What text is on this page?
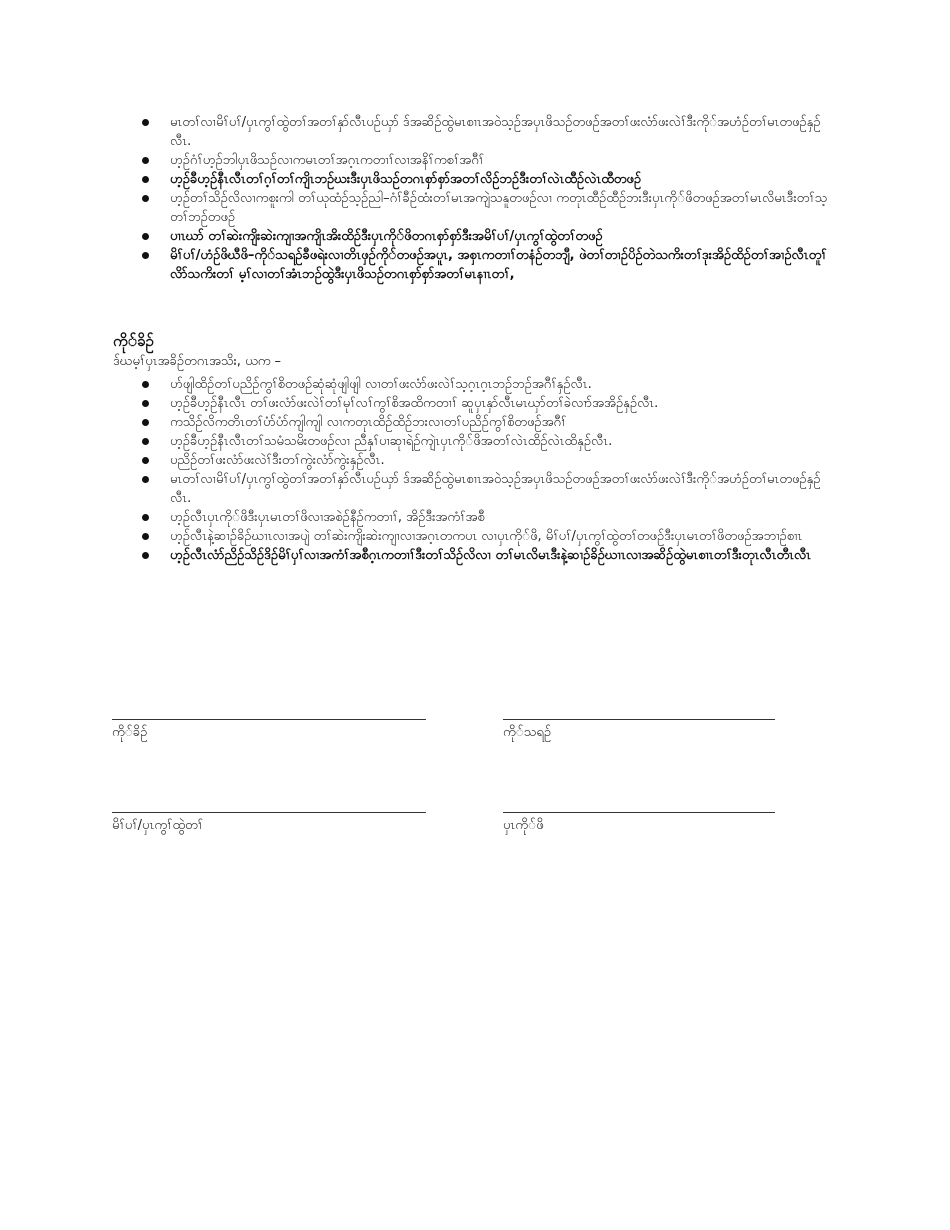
မၤတၢ်လၢမိၢ်ပၢ်/ပှၤကွၢ်ထွဲတၢ်အတၢ်နှာ်လီၤပဉ်ယှာ် ဒ်အဆိဉ်ထွဲမၤစၢၤအဝဲသ့ဉ်အပှၤဖိသဉ်တဖဉ်အတၢ်ဖးလံာ်ဖးလဲၢ်ဒီးကို်အဟံဉ်တၢ်မၤတဖဉ်နှဉ်လီၤ.
ဟ့ဉ်ဂံၢ်ဟ့ဉ်ဘါပှၤဖိသဉ်လၢကမၤတၢ်အဂ့ၤကတၢၢ်လၢအနိၢ်ကစၢ်အဂီၢ်
ဟ့ဉ်ခီဟ့ဉ်နီၤလီၤတၢ်ဂ့ၢ်တၢ်ကျိၤဘဉ်ဃးဒီးပှၤဖိသဉ်တဂၤစှာ်စှာ်အတၢ်လိဉ်ဘဉ်ဒီးတၢ်လဲၤထီဉ်လဲၤထီတဖဉ်
ဟ့ဉ်တၢ်သိဉ်လိလၢကစူးကါ တၢ်ယုထံဉ်သ့ဉ်ညါ–ဂံၢ်ခီဉ်ထံးတၢ်မၤအကျဲသနူတဖဉ်လၢ ကတုၤထီဉ်ထီဉ်ဘးဒီးပှၤကို်ဖိတဖဉ်အတၢ်မၤလိမၤဒီးတၢ်သ့တၢ်ဘဉ်တဖဉ်
ပၢၤဃာ် တၢ်ဆဲးကျိးဆဲးကျၢအကျိၤအိးထိဉ်ဒီးပှၤကို်ဖိတဂၤစှာ်စှာ်ဒီးအမိၢ်ပၢ်/ပှၤကွၢ်ထွဲတၢ်တဖဉ်
မိၢ်ပၢ်/ဟံဉ်ဖိဃီဖိ–ကို်သရဉ်ခီဖရဲးလၢတိၤဖှဉ်ကို်တဖဉ်အပူၤ, အစှၤကတၢၢ်တနံဉ်တဘျီ, ဖဲတၢ်တၢဉ်ပိဉ်တဲသကိးတၢ်ဒုးအိဉ်ထိဉ်တၢ်အၢဉ်လီၤတူၢ်လိာ်သကိးတၢ် မ့ၢ်လၢတၢ်အံၤဘဉ်ထွဲဒီးပှၤဖိသဉ်တဂၤစှာ်စှာ်အတၢ်မၤနၢၤတၢ်,
ကို်ခိဉ်
ဒ်ဃမ့ၢ်ပှၤအခိဉ်တဂၤအသိး, ယက –
ဟ်ဖျါထိဉ်တၢ်ပညိဉ်ကွၢ်စိတဖဉ်ဆုံဆုံဖျါဖျါ လၢတၢ်ဖးလံာ်ဖးလဲၢ်သ့ဂ့ၤဂ့ၤဘဉ်ဘဉ်အဂီၢ်နှဉ်လီၤ.
ဟ့ဉ်ခီဟ့ဉ်နီၤလီၤ တၢ်ဖးလံာ်ဖးလဲၢ်တၢ်မုၢ်လၢ်ကွၢ်စိအထိကတၢၢ် ဆူပှၤနှာ်လီၤမၤဃှာ်တၢ်ခဲလၢာ်အအိဉ်နှဉ်လီၤ.
ကသိဉ်လိကတိၤတၢ်ပံာ်ပံာ်ကျါကျါ လၢကတုၤထိဉ်ထိဉ်ဘးလၢတၢ်ပညိဉ်ကွၢ်စိတဖဉ်အဂီၢ်
ဟ့ဉ်ခီဟ့ဉ်နီၤလီၤတၢ်သမံသမိးတဖဉ်လၢ ညီနှၢ်ပၢဆုၢရဲဉ်ကျဲၤပှၤကို်ဖိအတၢ်လဲၤထိဉ်လဲၤထိနှဉ်လီၤ.
ပညိဉ်တၢ်ဖးလံာ်ဖးလဲၢ်ဒီးတၢ်ကွဲးလံာ်ကွဲးနှဉ်လီၤ.
မၤတၢ်လၢမိၢ်ပၢ်/ပှၤကွၢ်ထွဲတၢ်အတၢ်နှာ်လီၤပဉ်ယှာ် ဒ်အဆိဉ်ထွဲမၤစၢၤအဝဲသ့ဉ်အပှၤဖိသဉ်တဖဉ်အတၢ်ဖးလံာ်ဖးလဲၢ်ဒီးကို်အဟံဉ်တၢ်မၤတဖဉ်နှဉ်လီၤ.
ဟ့ဉ်လီၤပှၤကို်ဖိဒီးပှၤမၤတၢ်ဖိလၢအစဲဉ်နီဉ်ကတၢၢ်, အိဉ်ဒီးအကံၢ်အစီ
ဟ့ဉ်လီၤနဲ့ဆၢဉ်ခိဉ်ဃၢၤလၢအပျဲ တၢ်ဆဲးကျိးဆဲးကျၢလၢအဂ့ၤတကပၤ လၢပှၤကို်ဖိ, မိၢ်ပၢ်/ပှၤကွၢ်ထွဲတၢ်တဖဉ်ဒီးပှၤမၤတၢ်ဖိတဖဉ်အဘၢဉ်စၢၤ
ဟ့ဉ်လီၤလံာ်ညိဉ်သိဉ်ဒိဉ်မိၢ်ပှၢ်လၢအကံၢ်အစီဂ့ၤကတၢၢ်ဒီးတၢ်သိဉ်လိလၢ တၢ်မၤလိမၤဒီးနဲ့ဆၢဉ်ခိဉ်ဃၢၤလၢအဆိဉ်ထွဲမၤစၢၤတၢ်ဒီးတုၤလီၤတီၤလီၤ
ကို်ခိဉ်	ကို်သရဉ်
မိၢ်ပၢ်/ပှၤကွၢ်ထွဲတၢ်	ပှၤကို်ဖိ
